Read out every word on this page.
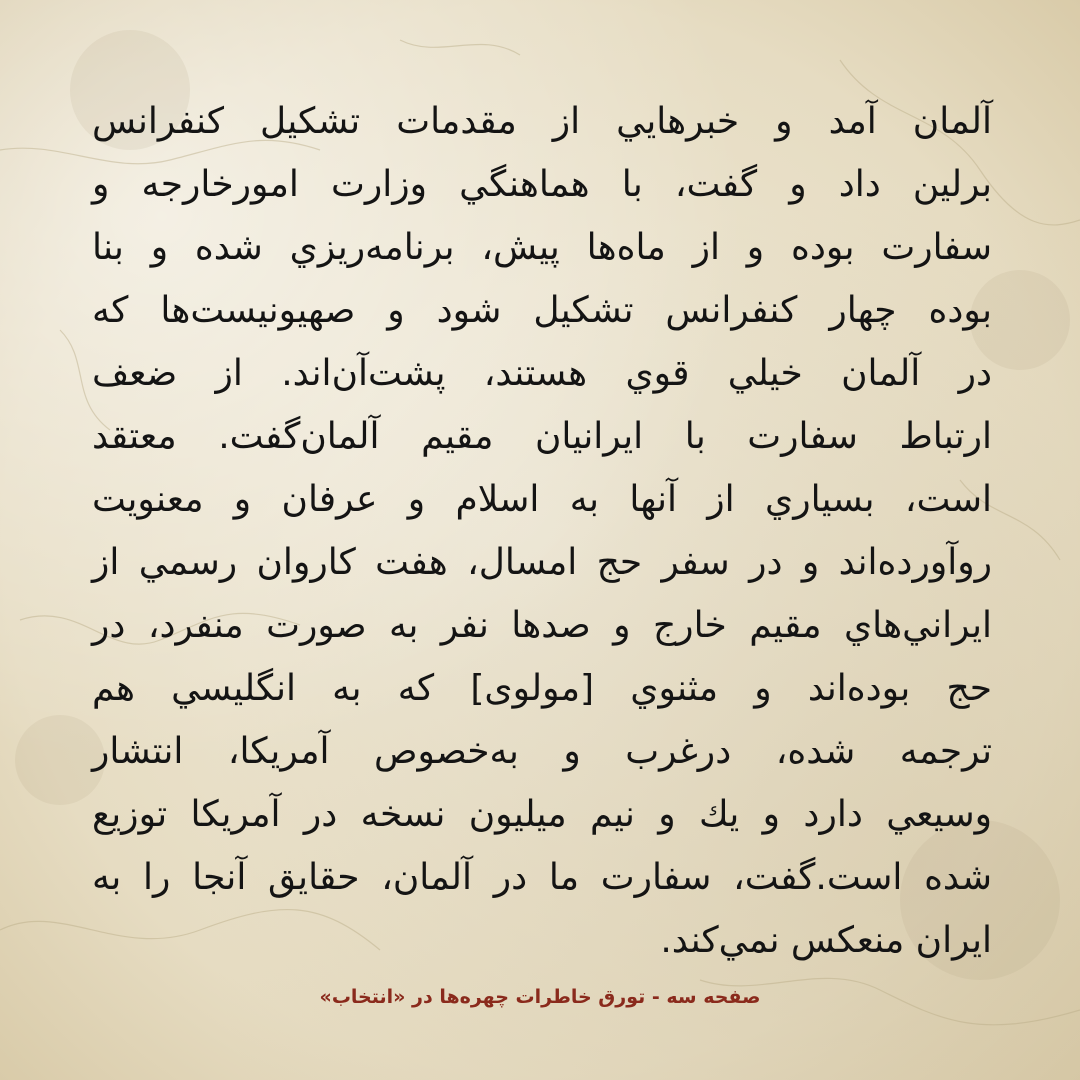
آلمان آمد و خبرهايي از مقدمات تشكيل كنفرانس
برلين داد و گفت، با هماهنگي وزارت امورخارجه و
سفارت بوده و از ماه‌ها پيش، برنامه‌ريزي شده و بنا
بوده چهار كنفرانس تشكيل شود و صهيونيست‌ها كه
در آلمان خيلي قوي هستند، پشت‌آن‌اند. از ضعف
ارتباط سفارت با ايرانيان مقيم آلمان‌گفت. معتقد
است، بسياري از آنها به اسلام و عرفان و معنويت
روآورده‌اند و در سفر حج امسال، هفت كاروان رسمي از
ايراني‌هاي مقيم خارج و صدها نفر به صورت منفرد، در
حج بوده‌اند و مثنوي [مولوی] كه به انگليسي هم
ترجمه شده، درغرب و به‌خصوص آمريكا، انتشار
وسيعي دارد و يك و نيم ميليون نسخه در آمريكا توزيع
شده است.گفت، سفارت ما در آلمان، حقايق آنجا را به
ايران منعكس نمي‌كند.
صفحه سه - تورق خاطرات چهره‌ها در «انتخاب»
